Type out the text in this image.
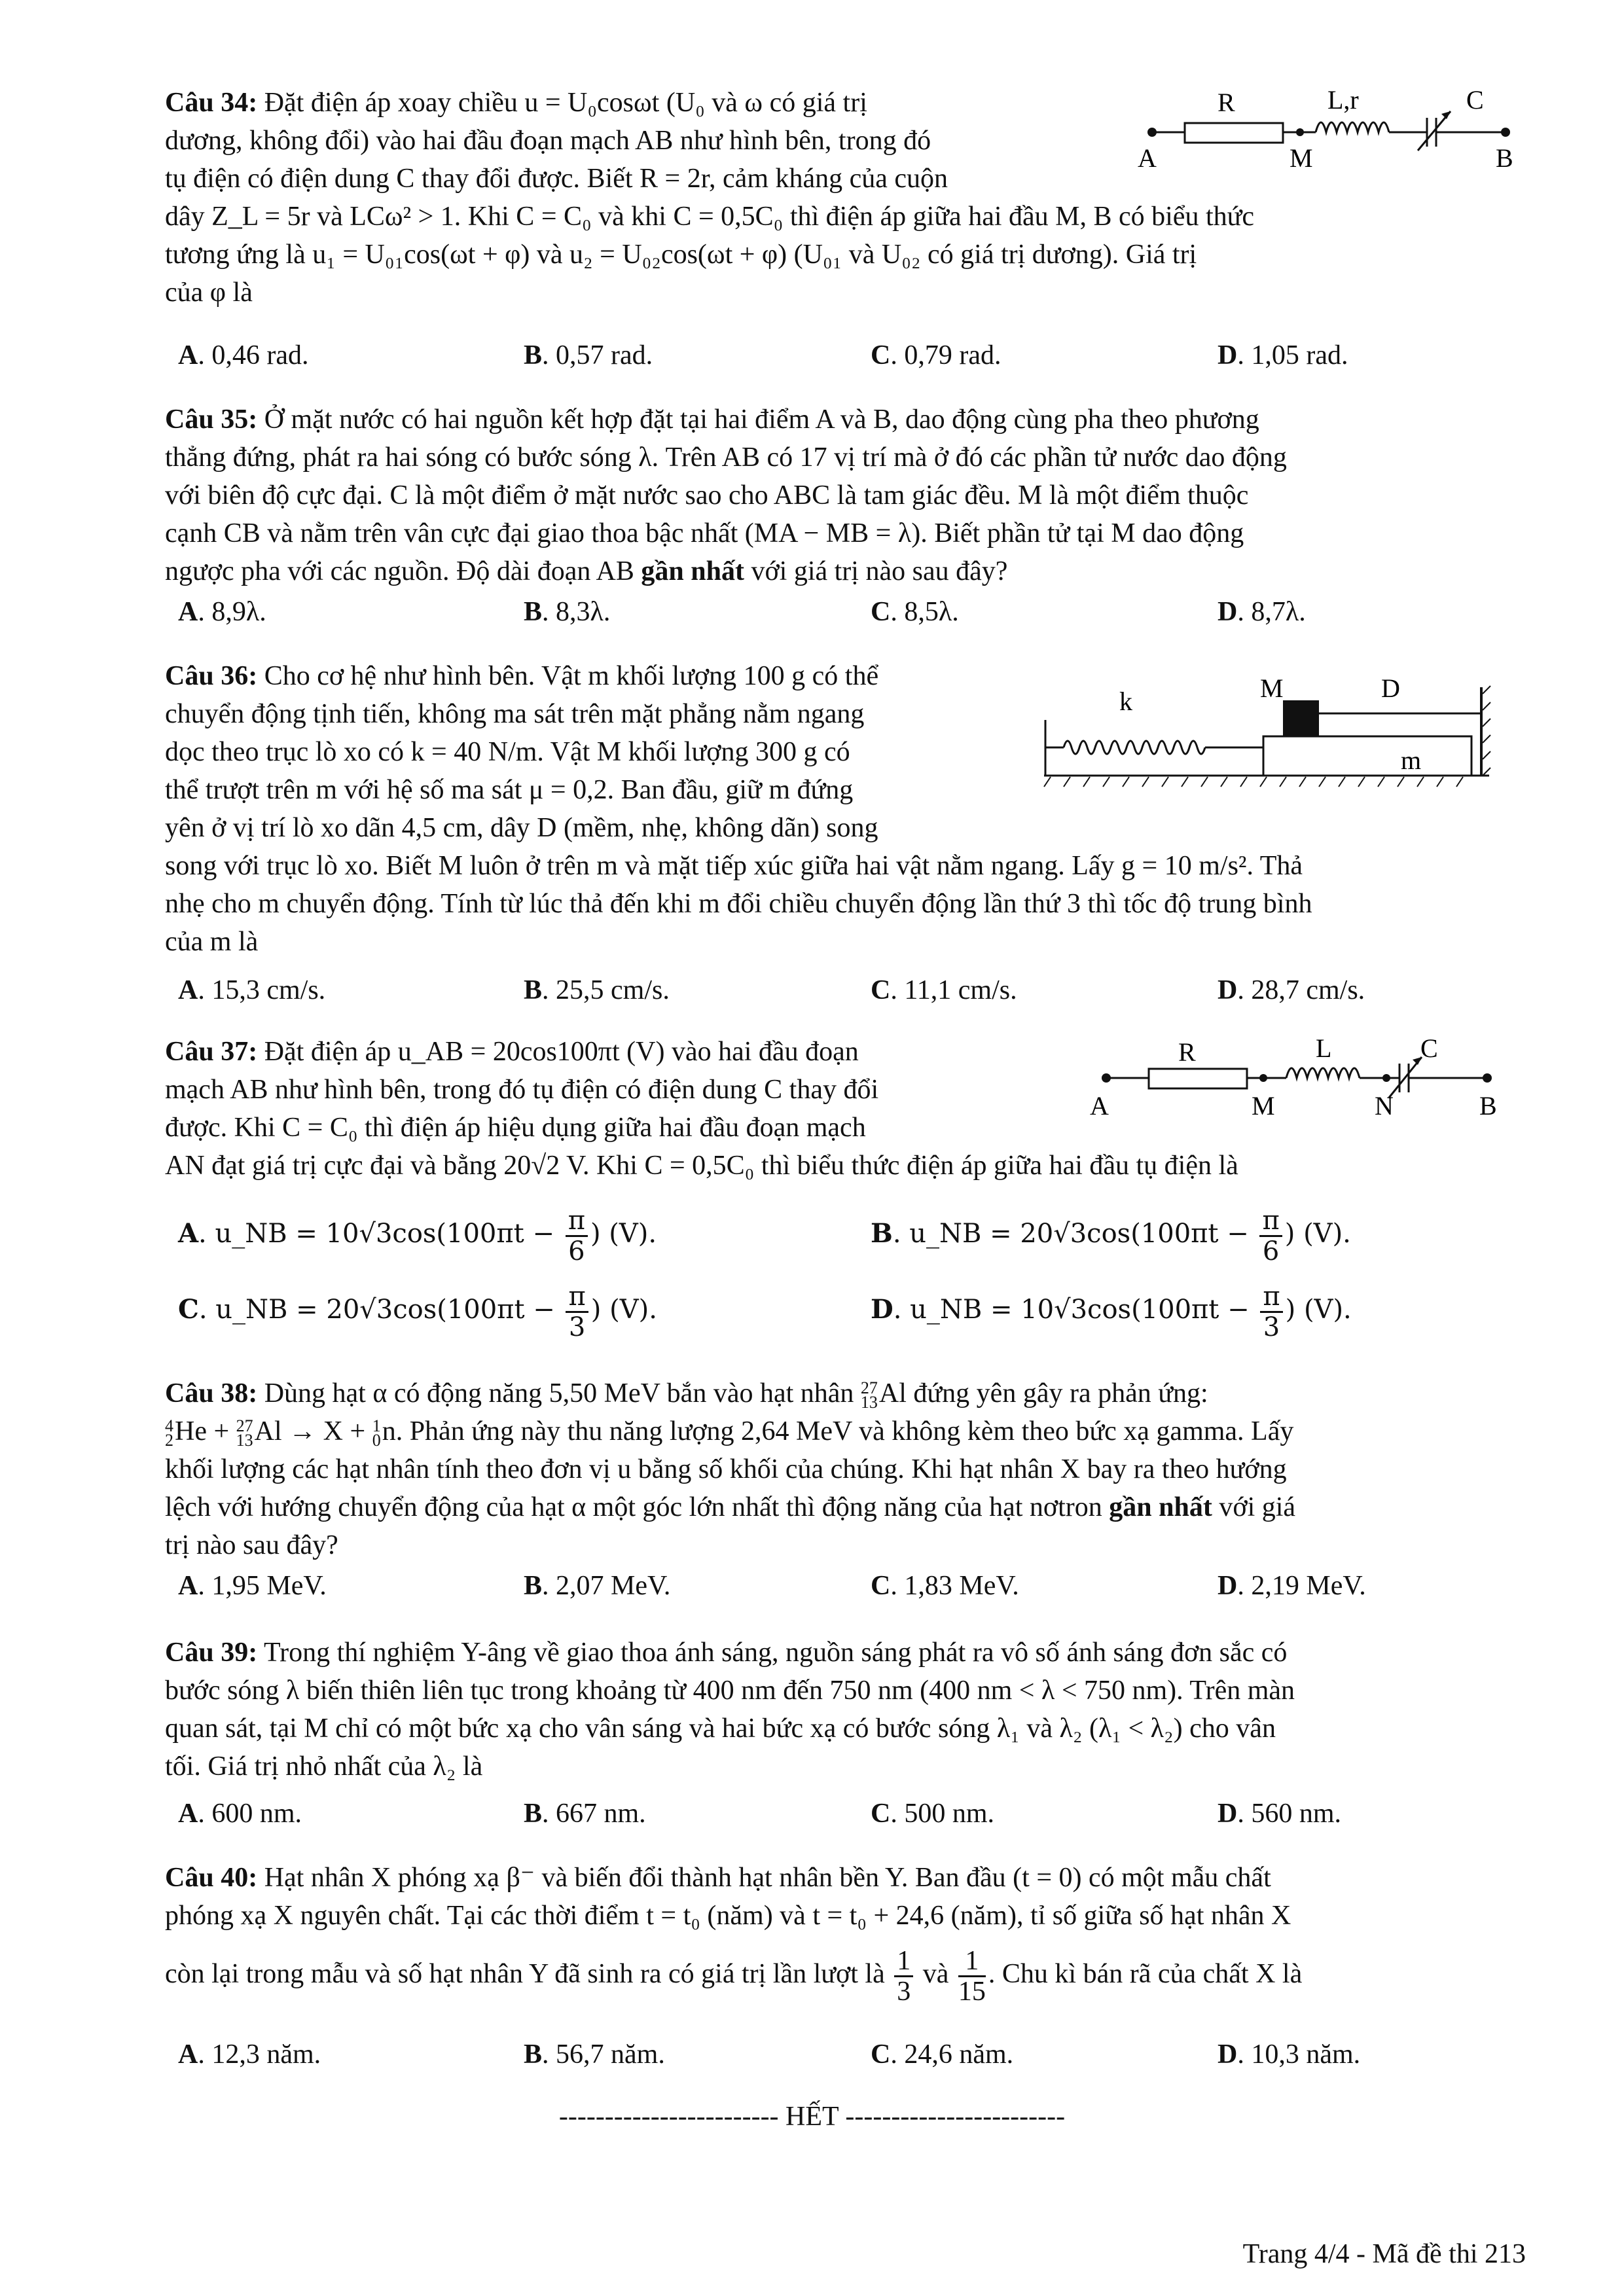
Câu 34: Đặt điện áp xoay chiều u = U₀cosωt (U₀ và ω có giá trị
dương, không đổi) vào hai đầu đoạn mạch AB như hình bên, trong đó
tụ điện có điện dung C thay đổi được. Biết R = 2r, cảm kháng của cuộn
dây Z_L = 5r và LCω² > 1. Khi C = C₀ và khi C = 0,5C₀ thì điện áp giữa hai đầu M, B có biểu thức
tương ứng là u₁ = U₀₁cos(ωt + φ) và u₂ = U₀₂cos(ωt + φ) (U₀₁ và U₀₂ có giá trị dương). Giá trị
của φ là
R	L,r	C
A	M	B
A. 0,46 rad.	B. 0,57 rad.	C. 0,79 rad.	D. 1,05 rad.
Câu 35: Ở mặt nước có hai nguồn kết hợp đặt tại hai điểm A và B, dao động cùng pha theo phương
thẳng đứng, phát ra hai sóng có bước sóng λ. Trên AB có 17 vị trí mà ở đó các phần tử nước dao động
với biên độ cực đại. C là một điểm ở mặt nước sao cho ABC là tam giác đều. M là một điểm thuộc
cạnh CB và nằm trên vân cực đại giao thoa bậc nhất (MA − MB = λ). Biết phần tử tại M dao động
ngược pha với các nguồn. Độ dài đoạn AB gần nhất với giá trị nào sau đây?
A. 8,9λ.	B. 8,3λ.	C. 8,5λ.	D. 8,7λ.
Câu 36: Cho cơ hệ như hình bên. Vật m khối lượng 100 g có thể
chuyển động tịnh tiến, không ma sát trên mặt phẳng nằm ngang
dọc theo trục lò xo có k = 40 N/m. Vật M khối lượng 300 g có
thể trượt trên m với hệ số ma sát μ = 0,2. Ban đầu, giữ m đứng
yên ở vị trí lò xo dãn 4,5 cm, dây D (mềm, nhẹ, không dãn) song
k	M	D
m
song với trục lò xo. Biết M luôn ở trên m và mặt tiếp xúc giữa hai vật nằm ngang. Lấy g = 10 m/s². Thả
nhẹ cho m chuyển động. Tính từ lúc thả đến khi m đổi chiều chuyển động lần thứ 3 thì tốc độ trung bình
của m là
A. 15,3 cm/s.	B. 25,5 cm/s.	C. 11,1 cm/s.	D. 28,7 cm/s.
Câu 37: Đặt điện áp u_AB = 20cos100πt (V) vào hai đầu đoạn
mạch AB như hình bên, trong đó tụ điện có điện dung C thay đổi
được. Khi C = C₀ thì điện áp hiệu dụng giữa hai đầu đoạn mạch
R	L	C
A	M	N	B
AN đạt giá trị cực đại và bằng 20√2 V. Khi C = 0,5C₀ thì biểu thức điện áp giữa hai đầu tụ điện là
A. u_NB = $10√3\cos(100\pi t - \frac{\pi}{6}$ ) (V).	B. u_NB = $20√3\cos(100\pi t - \frac{\pi}{6}$ ) (V).
C. u_NB = $20√3\cos(100\pi t - \frac{\pi}{3}$ ) (V).	D. u_NB = $10√3\cos(100\pi t - \frac{\pi}{3}$ ) (V).
Câu 38: Dùng hạt α có động năng 5,50 MeV bắn vào hạt nhân 27
13 Al đứng yên gây ra phản ứng:
4
2 He + 27
13 Al → X + 1
0 n. Phản ứng này thu năng lượng 2,64 MeV và không kèm theo bức xạ gamma. Lấy
khối lượng các hạt nhân tính theo đơn vị u bằng số khối của chúng. Khi hạt nhân X bay ra theo hướng
lệch với hướng chuyển động của hạt α một góc lớn nhất thì động năng của hạt nơtron gần nhất với giá
trị nào sau đây?
A. 1,95 MeV.	B. 2,07 MeV.	C. 1,83 MeV.	D. 2,19 MeV.
Câu 39: Trong thí nghiệm Y-âng về giao thoa ánh sáng, nguồn sáng phát ra vô số ánh sáng đơn sắc có
bước sóng λ biến thiên liên tục trong khoảng từ 400 nm đến 750 nm (400 nm < λ < 750 nm). Trên màn
quan sát, tại M chỉ có một bức xạ cho vân sáng và hai bức xạ có bước sóng λ₁ và λ₂ (λ₁ < λ₂) cho vân
tối. Giá trị nhỏ nhất của λ₂ là
A. 600 nm.	B. 667 nm.	C. 500 nm.	D. 560 nm.
Câu 40: Hạt nhân X phóng xạ β⁻ và biến đổi thành hạt nhân bền Y. Ban đầu (t = 0) có một mẫu chất
phóng xạ X nguyên chất. Tại các thời điểm t = t₀ (năm) và t = t₀ + 24,6 (năm), tỉ số giữa số hạt nhân X
còn lại trong mẫu và số hạt nhân Y đã sinh ra có giá trị lần lượt là $\frac{1}{3}$ và $\frac{1}{15}$ . Chu kì bán rã của chất X là
A. 12,3 năm.	B. 56,7 năm.	C. 24,6 năm.	D. 10,3 năm.
------------------------ HẾT ------------------------
Trang 4/4 - Mã đề thi 213
